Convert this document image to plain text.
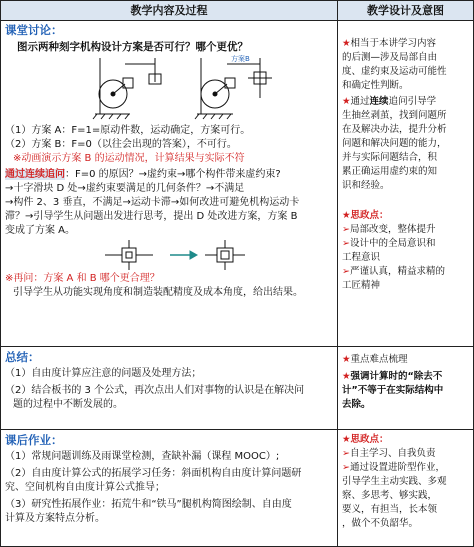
教学内容及过程	教学设计及意图
课堂讨论：
图示两种刻字机构设计方案是否可行？哪个更优？
方案B
（1）方案 A：F=1=原动件数，运动确定，方案可行。
（2）方案 B：F=0（以往会出现的答案），不可行。
※动画演示方案 B 的运动情况，计算结果与实际不符
通过连续追问：F=0 的原因？→虚约束→哪个构件带来虚约束?
→十字滑块 D 处→虚约束要满足的几何条件？→不满足
→构件 2、3 垂直，不满足→运动卡滞→如何改进可避免机构运动卡
滞？→引导学生从问题出发进行思考，提出 D 处改进方案，方案 B
变成了方案 A。
※再问：方案 A 和 B 哪个更合理？
引导学生从功能实现角度和制造装配精度及成本角度，给出结果。
★相当于本讲学习内容
的后测—涉及局部自由
度、虚约束及运动可能性
和确定性判断。
★通过连续追问引导学
生抽丝剥茧，找到问题所
在及解决办法，提升分析
问题和解决问题的能力，
并与实际问题结合，积
累正确运用虚约束的知
识和经验。
★思政点：
➢局部改变，整体提升
➢设计中的全局意识和
工程意识
➢严谨认真，精益求精的
工匠精神
总结：
（1）自由度计算应注意的问题及处理方法；
（2）结合板书的 3 个公式，再次点出人们对事物的认识是在解决问
题的过程中不断发展的。
★重点难点梳理
★强调计算时的“除去不
计”不等于在实际结构中
去除。
课后作业：
（1）常规问题训练及雨课堂检测，查缺补漏（课程 MOOC）;
（2）自由度计算公式的拓展学习任务：斜面机构自由度计算问题研
究、空间机构自由度计算公式推导；
（3）研究性拓展作业：拓荒牛和“铁马”腿机构简图绘制、自由度
计算及方案特点分析。
★思政点：
➢自主学习、自我负责
➢通过设置进阶型作业，
引导学生主动实践、多观
察、多思考、够实践，
要义，有担当，长本领
，做个不负韶华。
